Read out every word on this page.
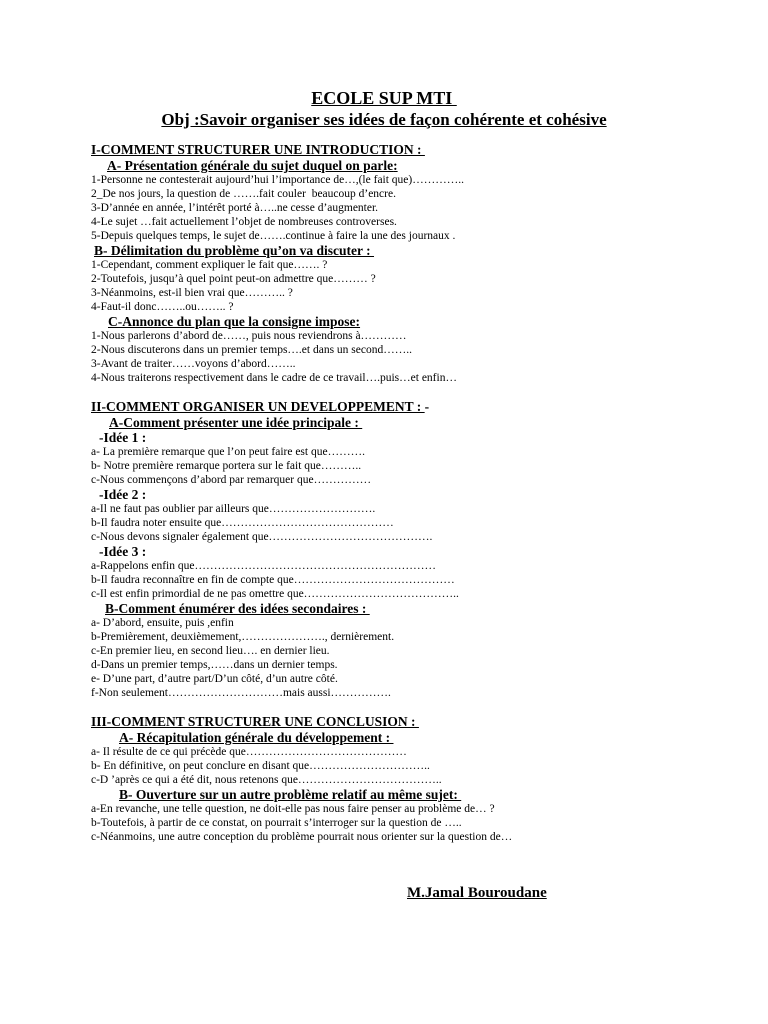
ECOLE SUP MTI
Obj :Savoir organiser ses idées de façon cohérente et cohésive
I-COMMENT STRUCTURER UNE INTRODUCTION :
A- Présentation générale du sujet duquel on parle:
1-Personne ne contesterait aujourd’hui l’importance de…,(le fait que)…………..
2_De nos jours, la question de …….fait couler  beaucoup d’encre.
3-D’année en année, l’intérêt porté à…..ne cesse d’augmenter.
4-Le sujet …fait actuellement l’objet de nombreuses controverses.
5-Depuis quelques temps, le sujet de…….continue à faire la une des journaux .
B- Délimitation du problème qu’on va discuter :
1-Cependant, comment expliquer le fait que……. ?
2-Toutefois, jusqu’à quel point peut-on admettre que……… ?
3-Néanmoins, est-il bien vrai que……….. ?
4-Faut-il donc……..ou…….. ?
C-Annonce du plan que la consigne impose:
1-Nous parlerons d’abord de……, puis nous reviendrons à…………
2-Nous discuterons dans un premier temps….et dans un second……..
3-Avant de traiter……voyons d’abord……..
4-Nous traiterons respectivement dans le cadre de ce travail….puis…et enfin…
II-COMMENT ORGANISER UN DEVELOPPEMENT : -
A-Comment présenter une idée principale :
-Idée 1 :
a- La première remarque que l’on peut faire est que……….
b- Notre première remarque portera sur le fait que………..
c-Nous commençons d’abord par remarquer que……………
-Idée 2 :
a-Il ne faut pas oublier par ailleurs que……………………….
b-Il faudra noter ensuite que………………………………………
c-Nous devons signaler également que…………………………………….
-Idée 3 :
a-Rappelons enfin que………………………………………………………
b-Il faudra reconnaître en fin de compte que……………………………………
c-Il est enfin primordial de ne pas omettre que…………………………………..
B-Comment énumérer des idées secondaires :
a- D’abord, ensuite, puis ,enfin
b-Premièrement, deuxièmement,…………………., dernièrement.
c-En premier lieu, en second lieu…. en dernier lieu.
d-Dans un premier temps,……dans un dernier temps.
e- D’une part, d’autre part/D’un côté, d’un autre côté.
f-Non seulement…………………………mais aussi…………….
III-COMMENT STRUCTURER UNE CONCLUSION :
A- Récapitulation générale du développement :
a- Il résulte de ce qui précède que……………………………………
b- En définitive, on peut conclure en disant que…………………………..
c-D ’après ce qui a été dit, nous retenons que………………………………..
B- Ouverture sur un autre problème relatif au même sujet:
a-En revanche, une telle question, ne doit-elle pas nous faire penser au problème de… ?
b-Toutefois, à partir de ce constat, on pourrait s’interroger sur la question de …..
c-Néanmoins, une autre conception du problème pourrait nous orienter sur la question de…
M.Jamal Bouroudane
